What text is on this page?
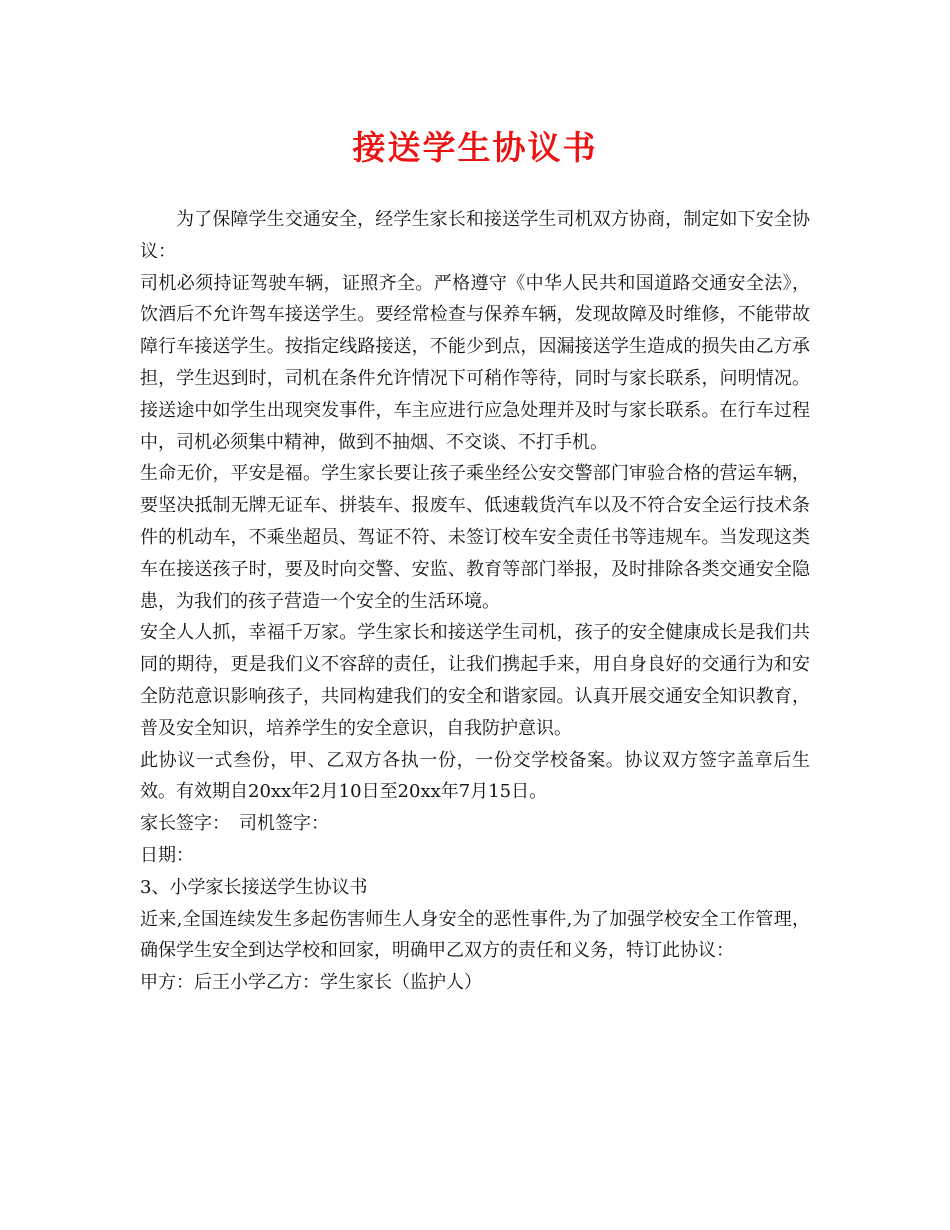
接送学生协议书

为了保障学生交通安全，经学生家长和接送学生司机双方协商，制定如下安全协议：

司机必须持证驾驶车辆，证照齐全。严格遵守《中华人民共和国道路交通安全法》，饮酒后不允许驾车接送学生。要经常检查与保养车辆，发现故障及时维修，不能带故障行车接送学生。按指定线路接送，不能少到点，因漏接送学生造成的损失由乙方承担，学生迟到时，司机在条件允许情况下可稍作等待，同时与家长联系，问明情况。接送途中如学生出现突发事件，车主应进行应急处理并及时与家长联系。在行车过程中，司机必须集中精神，做到不抽烟、不交谈、不打手机。

生命无价，平安是福。学生家长要让孩子乘坐经公安交警部门审验合格的营运车辆，要坚决抵制无牌无证车、拼装车、报废车、低速载货汽车以及不符合安全运行技术条件的机动车，不乘坐超员、驾证不符、未签订校车安全责任书等违规车。当发现这类车在接送孩子时，要及时向交警、安监、教育等部门举报，及时排除各类交通安全隐患，为我们的孩子营造一个安全的生活环境。

安全人人抓，幸福千万家。学生家长和接送学生司机，孩子的安全健康成长是我们共同的期待，更是我们义不容辞的责任，让我们携起手来，用自身良好的交通行为和安全防范意识影响孩子，共同构建我们的安全和谐家园。认真开展交通安全知识教育，普及安全知识，培养学生的安全意识，自我防护意识。

此协议一式叁份，甲、乙双方各执一份，一份交学校备案。协议双方签字盖章后生效。有效期自20xx年2月10日至20xx年7月15日。

家长签字：　司机签字：

日期：

3、小学家长接送学生协议书

近来,全国连续发生多起伤害师生人身安全的恶性事件,为了加强学校安全工作管理，确保学生安全到达学校和回家，明确甲乙双方的责任和义务，特订此协议：

甲方：后王小学乙方：学生家长（监护人）
